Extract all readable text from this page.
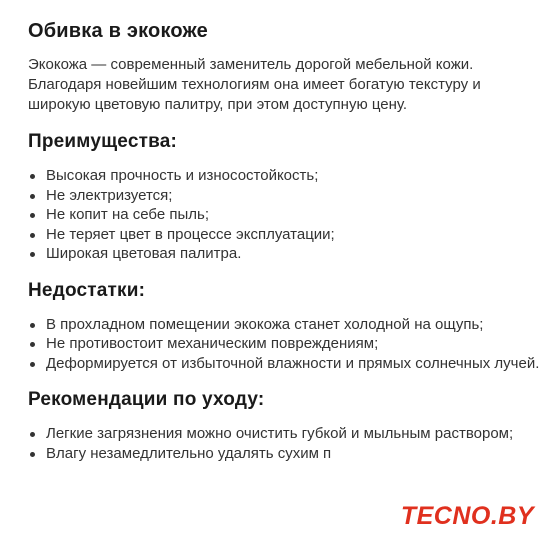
Обивка в экокоже

Экокожа — современный заменитель дорогой мебельной кожи. Благодаря новейшим технологиям она имеет богатую текстуру и широкую цветовую палитру, при этом доступную цену.

Преимущества:
Высокая прочность и износостойкость;
Не электризуется;
Не копит на себе пыль;
Не теряет цвет в процессе эксплуатации;
Широкая цветовая палитра.
Недостатки:
В прохладном помещении экокожа станет холодной на ощупь;
Не противостоит механическим повреждениям;
Деформируется от избыточной влажности и прямых солнечных лучей.
Рекомендации по уходу:
Легкие загрязнения можно очистить губкой и мыльным раствором;
Влагу незамедлительно удалять сухим п
TECNO.BY
